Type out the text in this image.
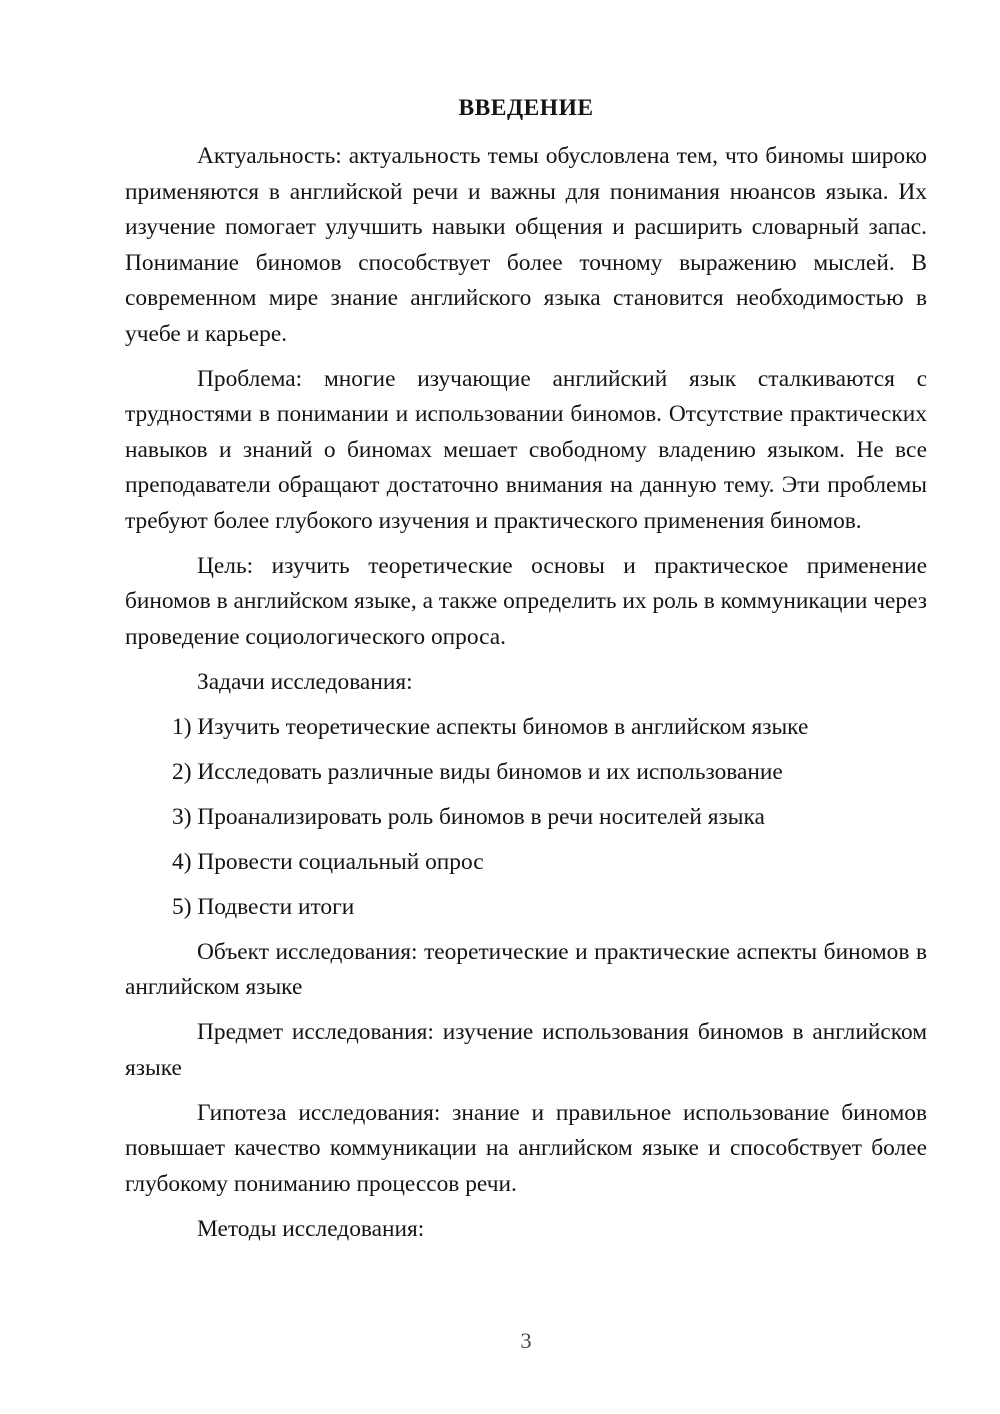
ВВЕДЕНИЕ

Актуальность: актуальность темы обусловлена тем, что биномы широко применяются в английской речи и важны для понимания нюансов языка. Их изучение помогает улучшить навыки общения и расширить словарный запас. Понимание биномов способствует более точному выражению мыслей. В современном мире знание английского языка становится необходимостью в учебе и карьере.

Проблема: многие изучающие английский язык сталкиваются с трудностями в понимании и использовании биномов. Отсутствие практических навыков и знаний о биномах мешает свободному владению языком. Не все преподаватели обращают достаточно внимания на данную тему. Эти проблемы требуют более глубокого изучения и практического применения биномов.

Цель: изучить теоретические основы и практическое применение биномов в английском языке, а также определить их роль в коммуникации через проведение социологического опроса.

Задачи исследования:

1) Изучить теоретические аспекты биномов в английском языке

2) Исследовать различные виды биномов и их использование

3) Проанализировать роль биномов в речи носителей языка

4) Провести социальный опрос

5) Подвести итоги

Объект исследования: теоретические и практические аспекты биномов в английском языке

Предмет исследования: изучение использования биномов в английском языке

Гипотеза исследования: знание и правильное использование биномов повышает качество коммуникации на английском языке и способствует более глубокому пониманию процессов речи.

Методы исследования:

3
